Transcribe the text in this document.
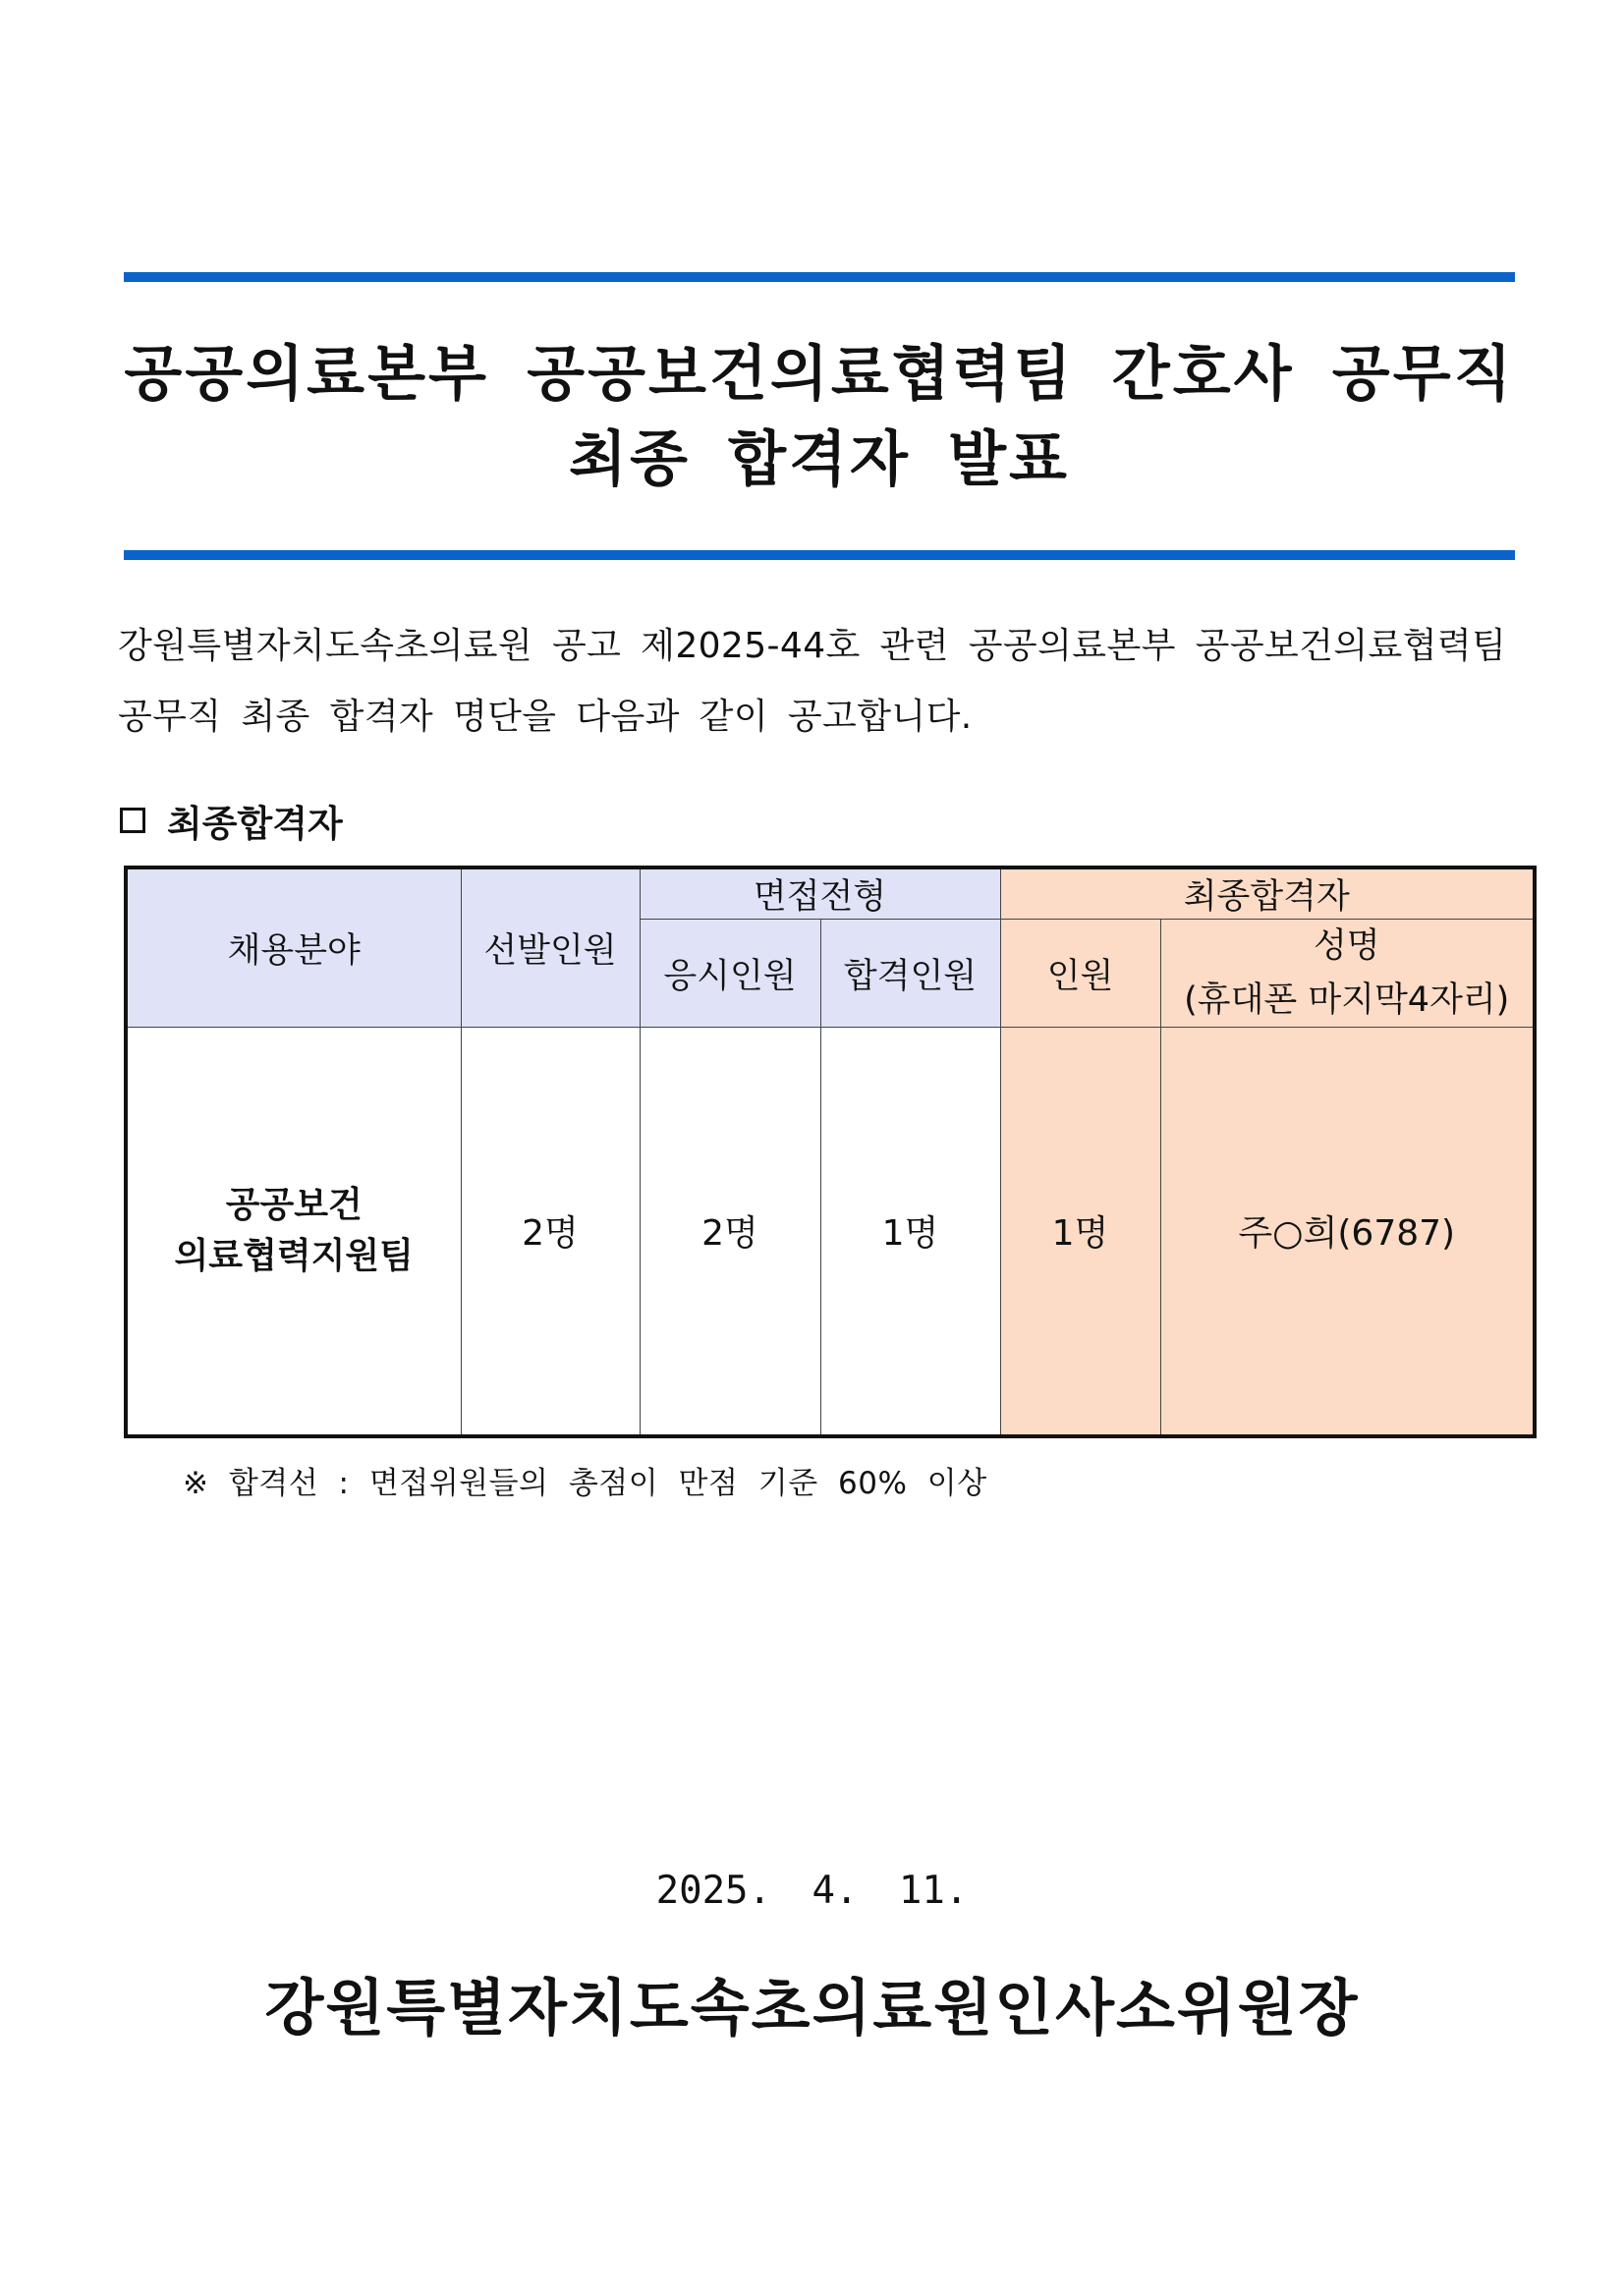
공공의료본부 공공보건의료협력팀 간호사 공무직
최종 합격자 발표
강원특별자치도속초의료원 공고 제2025-44호 관련 공공의료본부 공공보건의료협력팀
공무직 최종 합격자 명단을 다음과 같이 공고합니다.
최종합격자
채용분야	선발인원	면접전형		최종합격자	
		응시인원	합격인원	인원	성명
(휴대폰 마지막4자리)

공공보건
의료협력지원팀	2명	2명	1명	1명	주○희(6787)
※ 합격선 : 면접위원들의 총점이 만점 기준 60% 이상
2025. 4. 11.
강원특별자치도속초의료원인사소위원장
